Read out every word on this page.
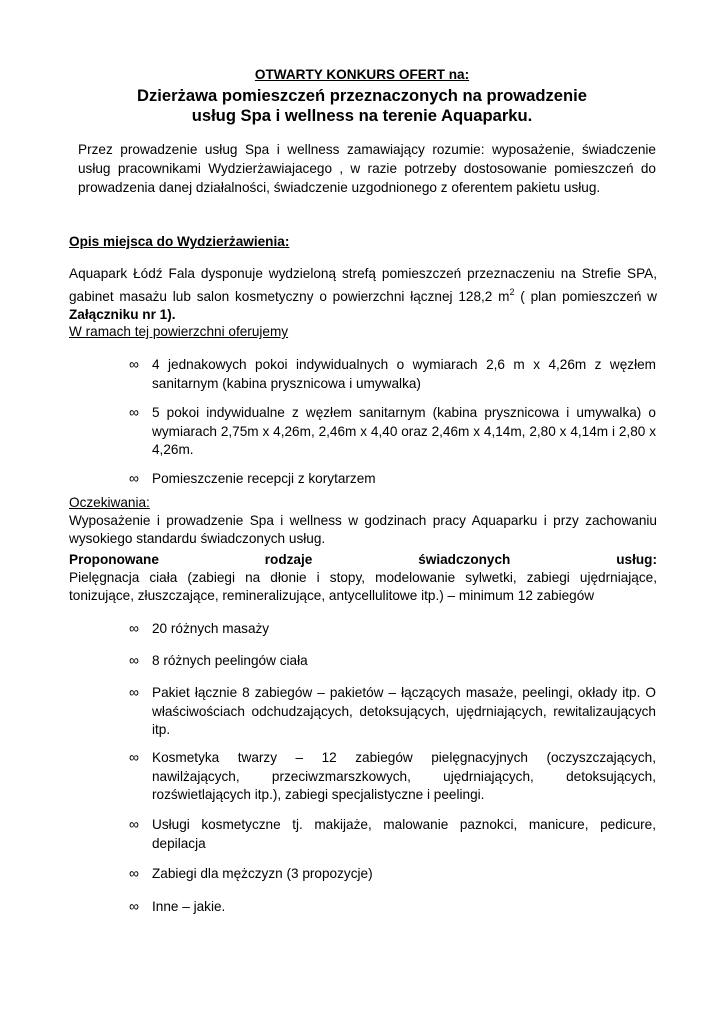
OTWARTY KONKURS OFERT na:
Dzierżawa pomieszczeń przeznaczonych na prowadzenie
usług Spa i wellness na terenie Aquaparku.
Przez prowadzenie usług Spa i wellness zamawiający rozumie: wyposażenie, świadczenie usług pracownikami Wydzierżawiajacego , w razie potrzeby dostosowanie pomieszczeń do prowadzenia danej działalności, świadczenie uzgodnionego z oferentem pakietu usług.
Opis miejsca do Wydzierżawienia:
Aquapark Łódź Fala dysponuje wydzieloną strefą pomieszczeń przeznaczeniu na Strefie SPA, gabinet masażu lub salon kosmetyczny o powierzchni łącznej 128,2 $m^2$ ( plan pomieszczeń w Załączniku nr 1).
W ramach tej powierzchni oferujemy
∞ 4 jednakowych pokoi indywidualnych o wymiarach 2,6 m x 4,26m z węzłem sanitarnym (kabina prysznicowa i umywalka)
∞ 5 pokoi indywidualne z węzłem sanitarnym (kabina prysznicowa i umywalka) o wymiarach 2,75m x 4,26m, 2,46m x 4,40 oraz 2,46m x 4,14m, 2,80 x 4,14m i 2,80 x 4,26m.
∞ Pomieszczenie recepcji z korytarzem
Oczekiwania:
Wyposażenie i prowadzenie Spa i wellness w godzinach pracy Aquaparku i przy zachowaniu wysokiego standardu świadczonych usług.
Proponowane rodzaje świadczonych usług:
Pielęgnacja ciała (zabiegi na dłonie i stopy, modelowanie sylwetki, zabiegi ujędrniające, tonizujące, złuszczające, remineralizujące, antycellulitowe itp.) – minimum 12 zabiegów
∞ 20 różnych masaży
∞ 8 różnych peelingów ciała
∞ Pakiet łącznie 8 zabiegów – pakietów – łączących masaże, peelingi, okłady itp. O właściwościach odchudzających, detoksujących, ujędrniających, rewitalizaujących itp.
∞ Kosmetyka twarzy – 12 zabiegów pielęgnacyjnych (oczyszczających, nawilżających, przeciwzmarszkowych, ujędrniających, detoksujących, rozświetlających itp.), zabiegi specjalistyczne i peelingi.
∞ Usługi kosmetyczne tj. makijaże, malowanie paznokci, manicure, pedicure, depilacja
∞ Zabiegi dla mężczyzn (3 propozycje)
∞ Inne – jakie.
